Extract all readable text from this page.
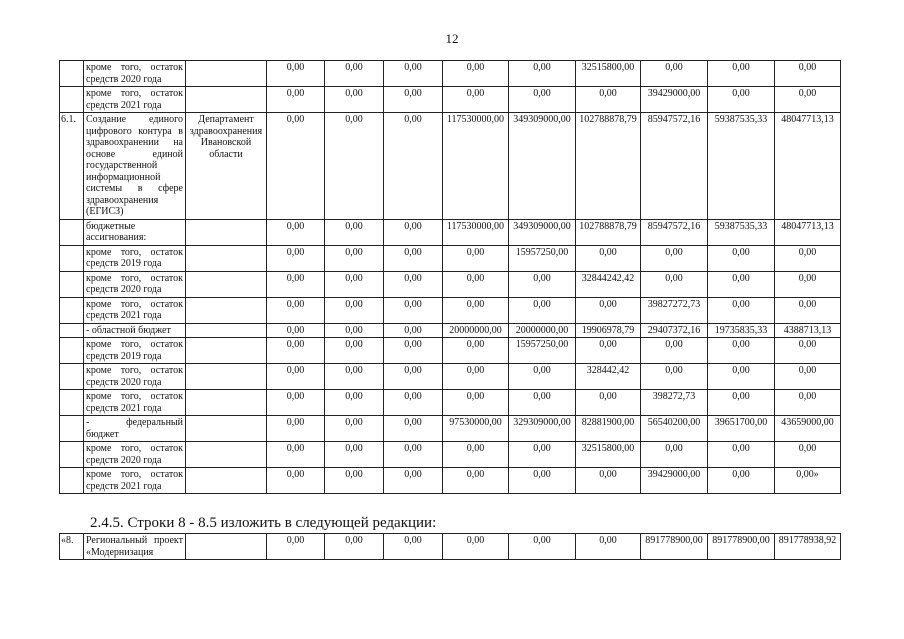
12
	кроме того, остаток средств 2020 года		0,00	0,00	0,00	0,00	0,00	32515800,00	0,00	0,00	0,00
	кроме того, остаток средств 2021 года		0,00	0,00	0,00	0,00	0,00	0,00	39429000,00	0,00	0,00
6.1.	Создание единого цифрового контура в здравоохранении на основе единой государственной информационной системы в сфере здравоохранения (ЕГИСЗ)	Департамент здравоохранения Ивановской области	0,00	0,00	0,00	117530000,00	349309000,00	102788878,79	85947572,16	59387535,33	48047713,13
	бюджетные ассигнования:		0,00	0,00	0,00	117530000,00	349309000,00	102788878,79	85947572,16	59387535,33	48047713,13
	кроме того, остаток средств 2019 года		0,00	0,00	0,00	0,00	15957250,00	0,00	0,00	0,00	0,00
	кроме того, остаток средств 2020 года		0,00	0,00	0,00	0,00	0,00	32844242,42	0,00	0,00	0,00
	кроме того, остаток средств 2021 года		0,00	0,00	0,00	0,00	0,00	0,00	39827272,73	0,00	0,00
	- областной бюджет		0,00	0,00	0,00	20000000,00	20000000,00	19906978,79	29407372,16	19735835,33	4388713,13
	кроме того, остаток средств 2019 года		0,00	0,00	0,00	0,00	15957250,00	0,00	0,00	0,00	0,00
	кроме того, остаток средств 2020 года		0,00	0,00	0,00	0,00	0,00	328442,42	0,00	0,00	0,00
	кроме того, остаток средств 2021 года		0,00	0,00	0,00	0,00	0,00	0,00	398272,73	0,00	0,00
	- федеральный бюджет		0,00	0,00	0,00	97530000,00	329309000,00	82881900,00	56540200,00	39651700,00	43659000,00
	кроме того, остаток средств 2020 года		0,00	0,00	0,00	0,00	0,00	32515800,00	0,00	0,00	0,00
	кроме того, остаток средств 2021 года		0,00	0,00	0,00	0,00	0,00	0,00	39429000,00	0,00	0,00»
2.4.5. Строки 8 - 8.5 изложить в следующей редакции:
«8.	Региональный проект «Модернизация		0,00	0,00	0,00	0,00	0,00	0,00	891778900,00	891778900,00	891778938,92
